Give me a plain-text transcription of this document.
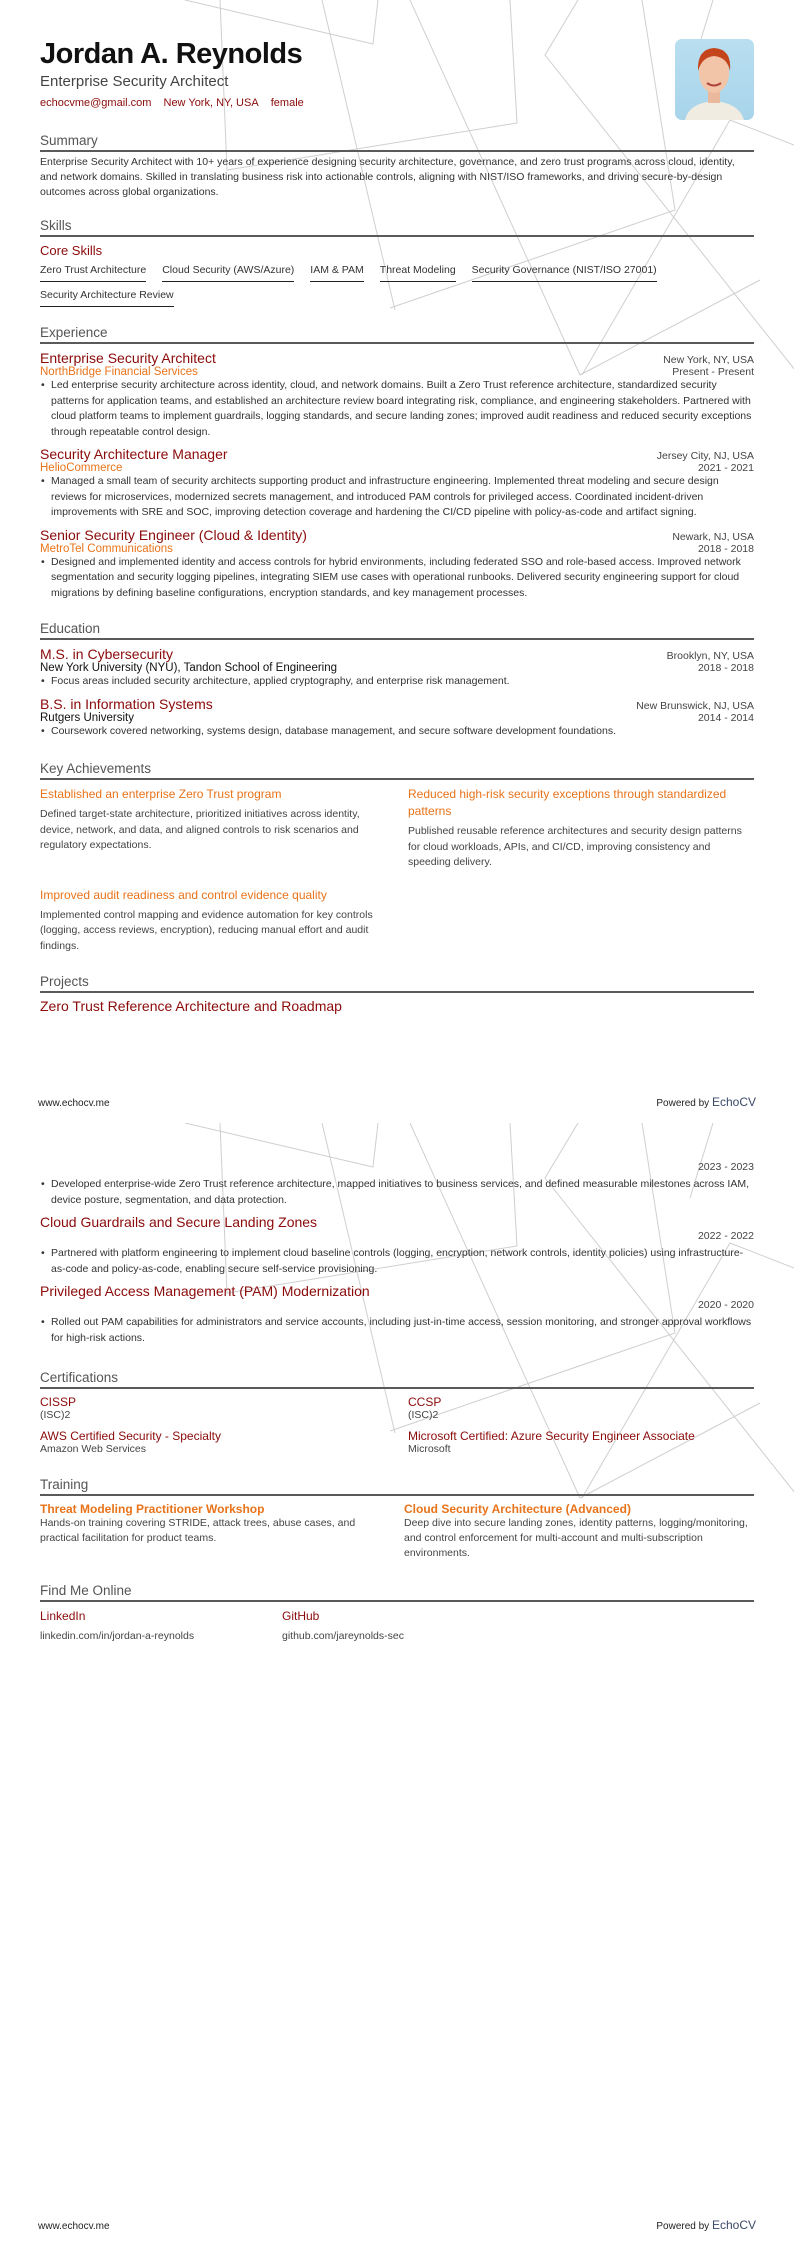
Jordan A. Reynolds
Enterprise Security Architect
echocvme@gmail.com New York, NY, USA female
Summary

Enterprise Security Architect with 10+ years of experience designing security architecture, governance, and zero trust programs across cloud, identity, and network domains. Skilled in translating business risk into actionable controls, aligning with NIST/ISO frameworks, and driving secure-by-design outcomes across global organizations.

Skills
Core Skills
Zero Trust Architecture Cloud Security (AWS/Azure) IAM & PAM Threat Modeling Security Governance (NIST/ISO 27001)
Security Architecture Review
Experience
Enterprise Security Architect	New York, NY, USA
NorthBridge Financial Services	Present - Present
• Led enterprise security architecture across identity, cloud, and network domains. Built a Zero Trust reference architecture, standardized security patterns for application teams, and established an architecture review board integrating risk, compliance, and engineering stakeholders. Partnered with cloud platform teams to implement guardrails, logging standards, and secure landing zones; improved audit readiness and reduced security exceptions through repeatable control design.
Security Architecture Manager	Jersey City, NJ, USA
HelioCommerce	2021 - 2021
• Managed a small team of security architects supporting product and infrastructure engineering. Implemented threat modeling and secure design reviews for microservices, modernized secrets management, and introduced PAM controls for privileged access. Coordinated incident-driven improvements with SRE and SOC, improving detection coverage and hardening the CI/CD pipeline with policy-as-code and artifact signing.
Senior Security Engineer (Cloud & Identity)	Newark, NJ, USA
MetroTel Communications	2018 - 2018
• Designed and implemented identity and access controls for hybrid environments, including federated SSO and role-based access. Improved network segmentation and security logging pipelines, integrating SIEM use cases with operational runbooks. Delivered security engineering support for cloud migrations by defining baseline configurations, encryption standards, and key management processes.
Education
M.S. in Cybersecurity	Brooklyn, NY, USA
New York University (NYU), Tandon School of Engineering	2018 - 2018
• Focus areas included security architecture, applied cryptography, and enterprise risk management.
B.S. in Information Systems	New Brunswick, NJ, USA
Rutgers University	2014 - 2014
• Coursework covered networking, systems design, database management, and secure software development foundations.
Key Achievements
Established an enterprise Zero Trust program
Defined target-state architecture, prioritized initiatives across identity, device, network, and data, and aligned controls to risk scenarios and regulatory expectations.
Reduced high-risk security exceptions through standardized patterns
Published reusable reference architectures and security design patterns for cloud workloads, APIs, and CI/CD, improving consistency and speeding delivery.
Improved audit readiness and control evidence quality
Implemented control mapping and evidence automation for key controls (logging, access reviews, encryption), reducing manual effort and audit findings.
Projects
Zero Trust Reference Architecture and Roadmap
www.echocv.me	Powered by EchoCV
2023 - 2023
• Developed enterprise-wide Zero Trust reference architecture, mapped initiatives to business services, and defined measurable milestones across IAM, device posture, segmentation, and data protection.
Cloud Guardrails and Secure Landing Zones
2022 - 2022
• Partnered with platform engineering to implement cloud baseline controls (logging, encryption, network controls, identity policies) using infrastructure-as-code and policy-as-code, enabling secure self-service provisioning.
Privileged Access Management (PAM) Modernization
2020 - 2020
• Rolled out PAM capabilities for administrators and service accounts, including just-in-time access, session monitoring, and stronger approval workflows for high-risk actions.
Certifications
CISSP
(ISC)2
CCSP
(ISC)2
AWS Certified Security - Specialty
Amazon Web Services
Microsoft Certified: Azure Security Engineer Associate
Microsoft
Training
Threat Modeling Practitioner Workshop
Hands-on training covering STRIDE, attack trees, abuse cases, and practical facilitation for product teams.
Cloud Security Architecture (Advanced)
Deep dive into secure landing zones, identity patterns, logging/monitoring, and control enforcement for multi-account and multi-subscription environments.
Find Me Online
LinkedIn
linkedin.com/in/jordan-a-reynolds
GitHub
github.com/jareynolds-sec
www.echocv.me	Powered by EchoCV
